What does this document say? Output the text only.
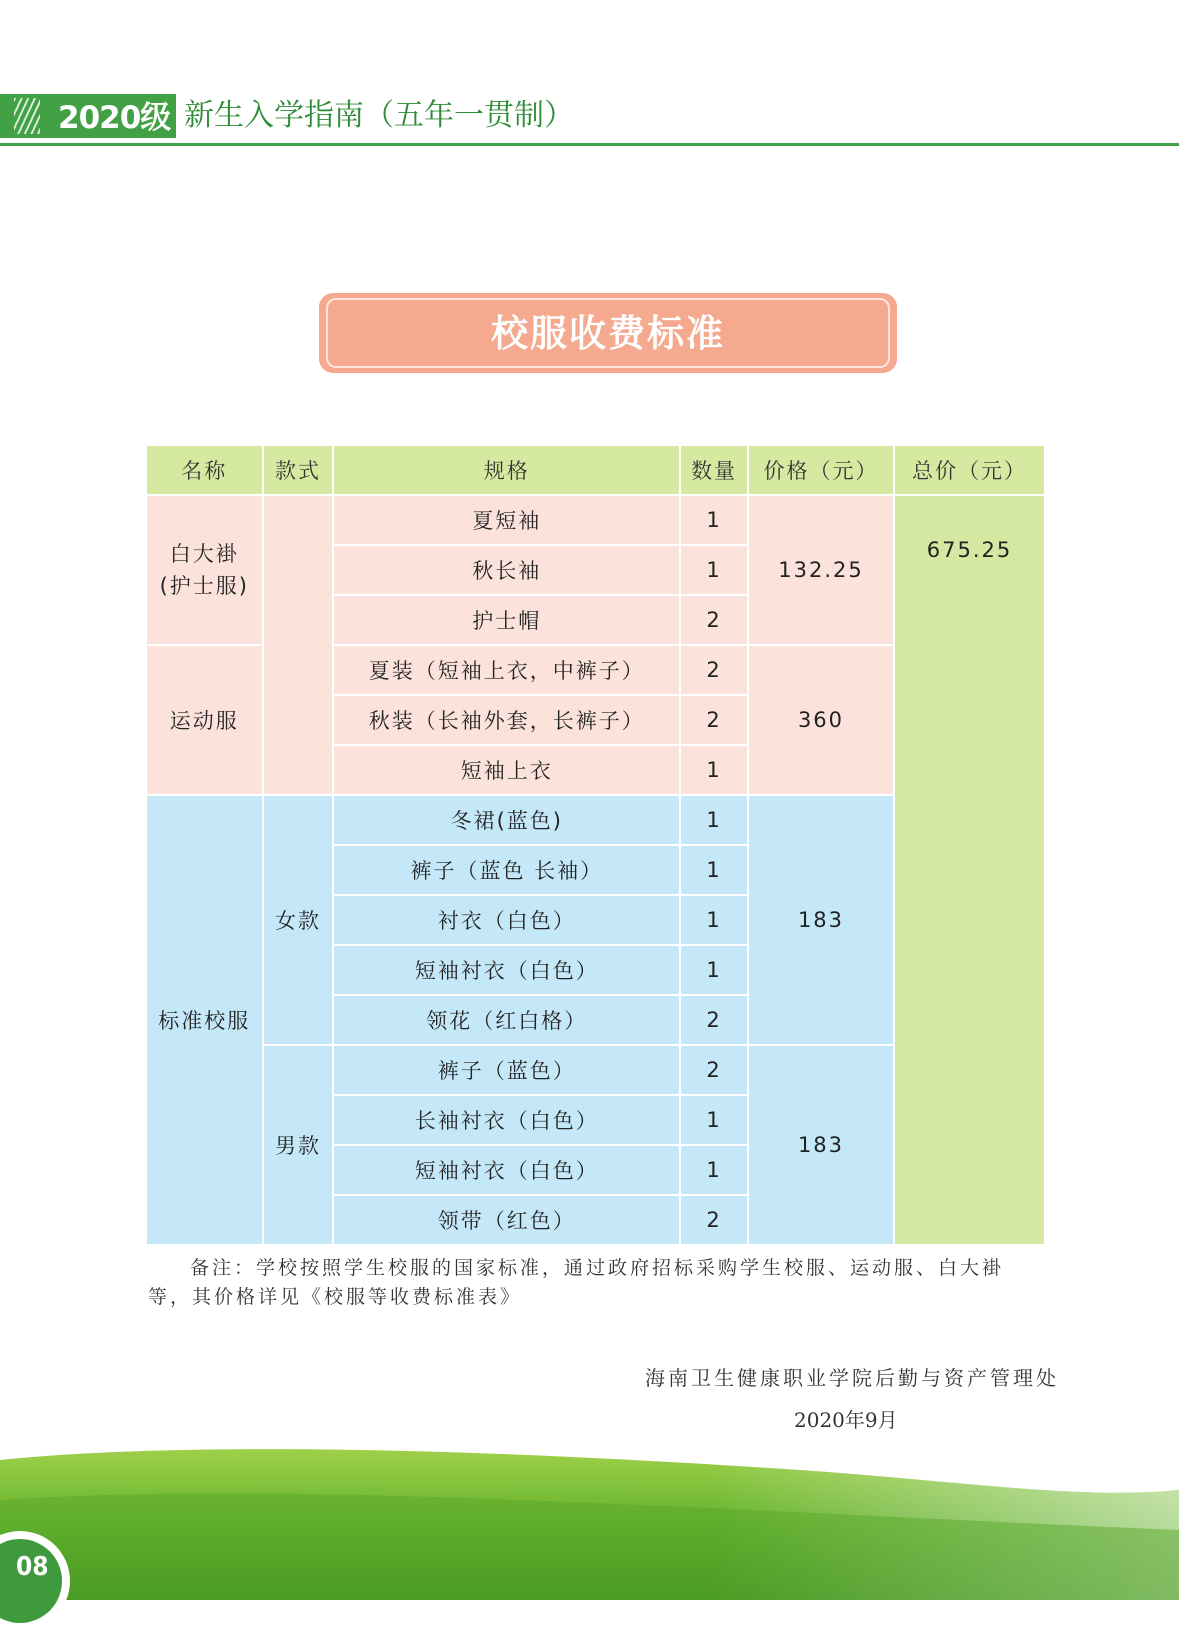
2020级 新生入学指南（五年一贯制）
校服收费标准
名称	款式	规格	数量	价格（元）	总价（元）
白大褂
(护士服)		夏短袖	1	132.25	675.25

		秋长袖	1		
		护士帽	2		
运动服		夏装（短袖上衣，中裤子）	2	360	
		秋装（长袖外套，长裤子）	2		
		短袖上衣	1		
标准校服	女款	冬裙(蓝色)	1	183	
		裤子（蓝色 长袖）	1		
		衬衣（白色）	1		
		短袖衬衣（白色）	1		
		领花（红白格）	2		
	男款	裤子（蓝色）	2	183	
		长袖衬衣（白色）	1		
		短袖衬衣（白色）	1		
		领带（红色）	2		

备注：学校按照学生校服的国家标准，通过政府招标采购学生校服、运动服、白大褂

等，其价格详见《校服等收费标准表》

海南卫生健康职业学院后勤与资产管理处
2020年9月
08
